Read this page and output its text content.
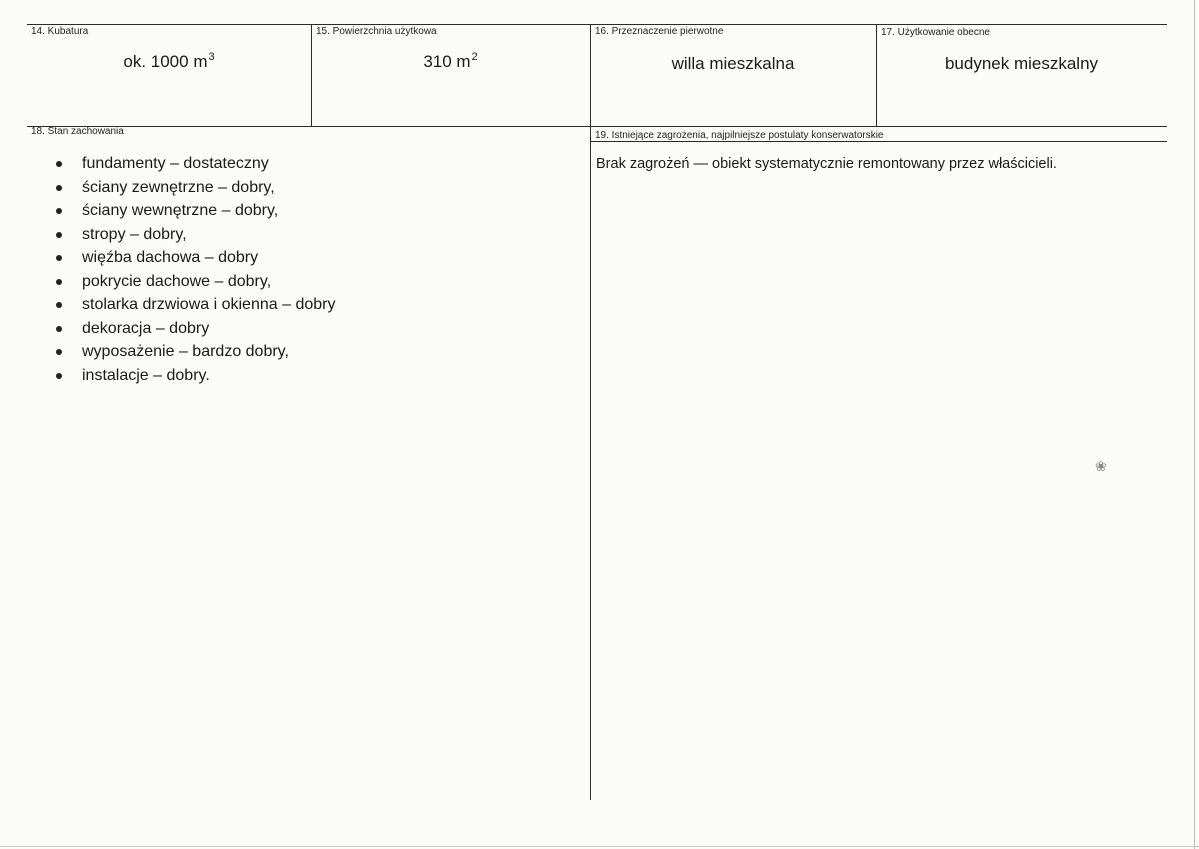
14. Kubatura
ok. 1000 $m^3$
15. Powierzchnia użytkowa
310 $m^2$
16. Przeznaczenie pierwotne
willa mieszkalna
17. Użytkowanie obecne
budynek mieszkalny
18. Stan zachowania
fundamenty – dostateczny
ściany zewnętrzne – dobry,
ściany wewnętrzne – dobry,
stropy – dobry,
więźba dachowa – dobry
pokrycie dachowe – dobry,
stolarka drzwiowa i okienna – dobry
dekoracja – dobry
wyposażenie – bardzo dobry,
instalacje – dobry.
19. Istniejące zagrożenia, najpilniejsze postulaty konserwatorskie
Brak zagrożeń — obiekt systematycznie remontowany przez właścicieli.
❀
